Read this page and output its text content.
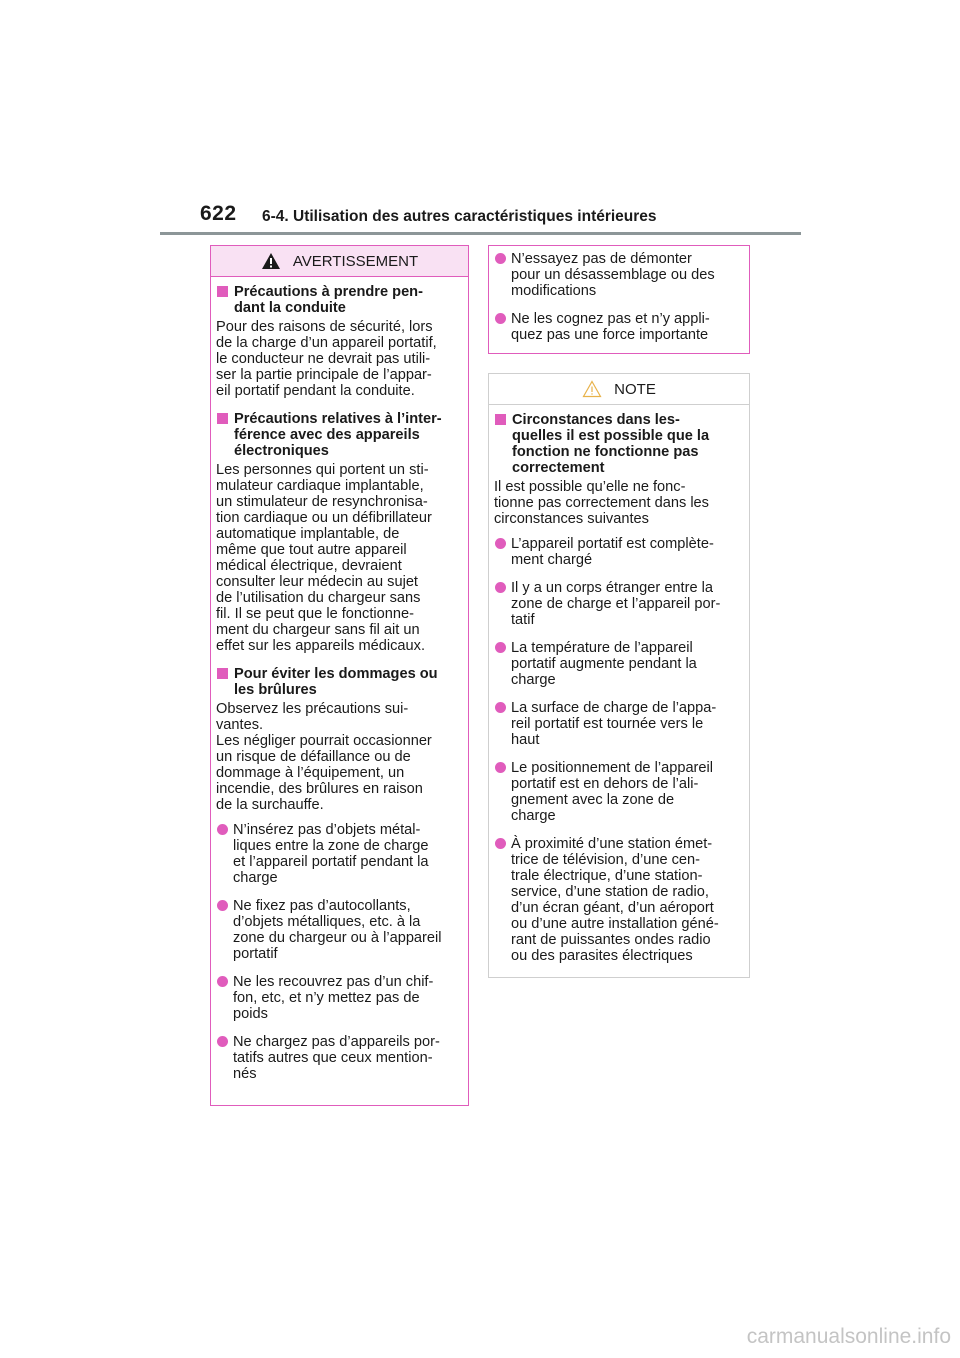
622 6-4. Utilisation des autres caractéristiques intérieures
AVERTISSEMENT
Précautions à prendre pen-
dant la conduite
Pour des raisons de sécurité, lors
de la charge d’un appareil portatif,
le conducteur ne devrait pas utili-
ser la partie principale de l’appar-
eil portatif pendant la conduite.
Précautions relatives à l’inter-
férence avec des appareils
électroniques
Les personnes qui portent un sti-
mulateur cardiaque implantable,
un stimulateur de resynchronisa-
tion cardiaque ou un défibrillateur
automatique implantable, de
même que tout autre appareil
médical électrique, devraient
consulter leur médecin au sujet
de l’utilisation du chargeur sans
fil. Il se peut que le fonctionne-
ment du chargeur sans fil ait un
effet sur les appareils médicaux.
Pour éviter les dommages ou
les brûlures
Observez les précautions sui-
vantes.
Les négliger pourrait occasionner
un risque de défaillance ou de
dommage à l’équipement, un
incendie, des brûlures en raison
de la surchauffe.
N’insérez pas d’objets métal-
liques entre la zone de charge
et l’appareil portatif pendant la
charge
Ne fixez pas d’autocollants,
d’objets métalliques, etc. à la
zone du chargeur ou à l’appareil
portatif
Ne les recouvrez pas d’un chif-
fon, etc, et n’y mettez pas de
poids
Ne chargez pas d’appareils por-
tatifs autres que ceux mention-
nés
N’essayez pas de démonter
pour un désassemblage ou des
modifications
Ne les cognez pas et n’y appli-
quez pas une force importante
NOTE
Circonstances dans les-
quelles il est possible que la
fonction ne fonctionne pas
correctement
Il est possible qu’elle ne fonc-
tionne pas correctement dans les
circonstances suivantes
L’appareil portatif est complète-
ment chargé
Il y a un corps étranger entre la
zone de charge et l’appareil por-
tatif
La température de l’appareil
portatif augmente pendant la
charge
La surface de charge de l’appa-
reil portatif est tournée vers le
haut
Le positionnement de l’appareil
portatif est en dehors de l’ali-
gnement avec la zone de
charge
À proximité d’une station émet-
trice de télévision, d’une cen-
trale électrique, d’une station-
service, d’une station de radio,
d’un écran géant, d’un aéroport
ou d’une autre installation géné-
rant de puissantes ondes radio
ou des parasites électriques
carmanualsonline.info
